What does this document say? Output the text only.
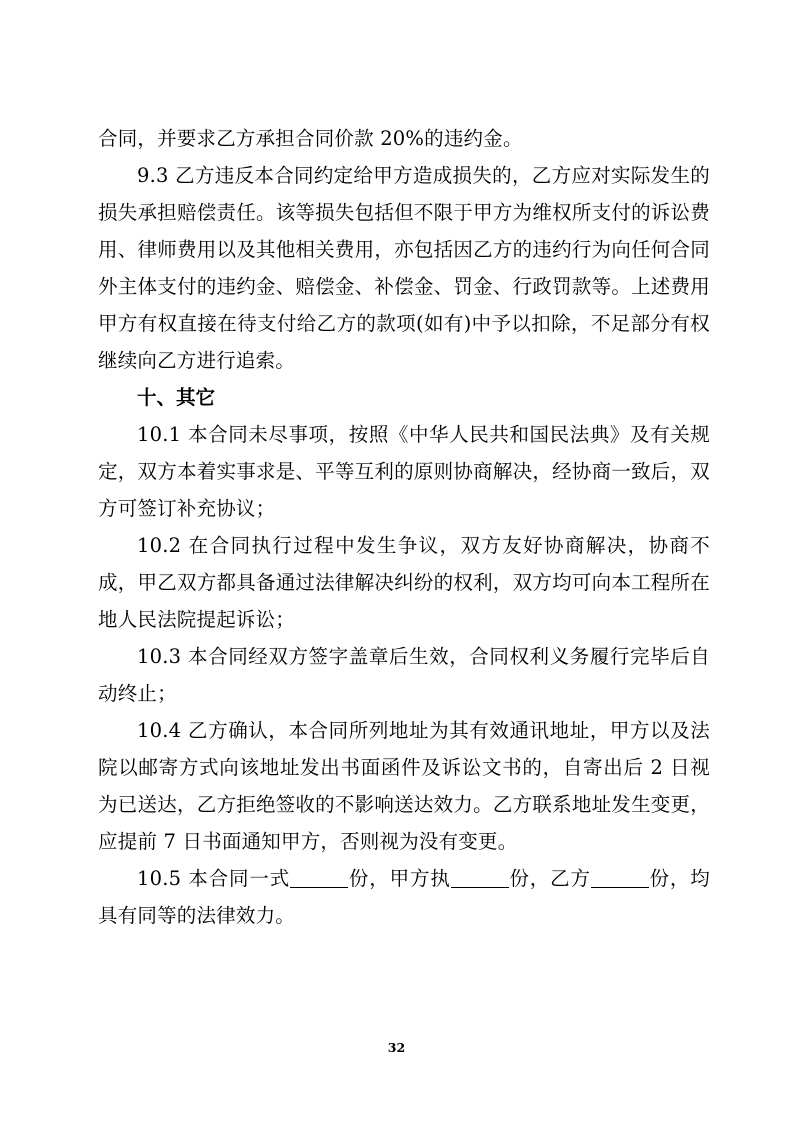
合同，并要求乙方承担合同价款 20%的违约金。

9.3 乙方违反本合同约定给甲方造成损失的，乙方应对实际发生的损失承担赔偿责任。该等损失包括但不限于甲方为维权所支付的诉讼费用、律师费用以及其他相关费用，亦包括因乙方的违约行为向任何合同外主体支付的违约金、赔偿金、补偿金、罚金、行政罚款等。上述费用甲方有权直接在待支付给乙方的款项(如有)中予以扣除，不足部分有权继续向乙方进行追索。

十、其它

10.1 本合同未尽事项，按照《中华人民共和国民法典》及有关规定，双方本着实事求是、平等互利的原则协商解决，经协商一致后，双方可签订补充协议；

10.2 在合同执行过程中发生争议，双方友好协商解决，协商不成，甲乙双方都具备通过法律解决纠纷的权利，双方均可向本工程所在地人民法院提起诉讼；

10.3 本合同经双方签字盖章后生效，合同权利义务履行完毕后自动终止；

10.4 乙方确认，本合同所列地址为其有效通讯地址，甲方以及法院以邮寄方式向该地址发出书面函件及诉讼文书的，自寄出后 2 日视为已送达，乙方拒绝签收的不影响送达效力。乙方联系地址发生变更，应提前 7 日书面通知甲方，否则视为没有变更。

10.5 本合同一式	份，甲方执	份，乙方	份，均具有同等的法律效力。

32
